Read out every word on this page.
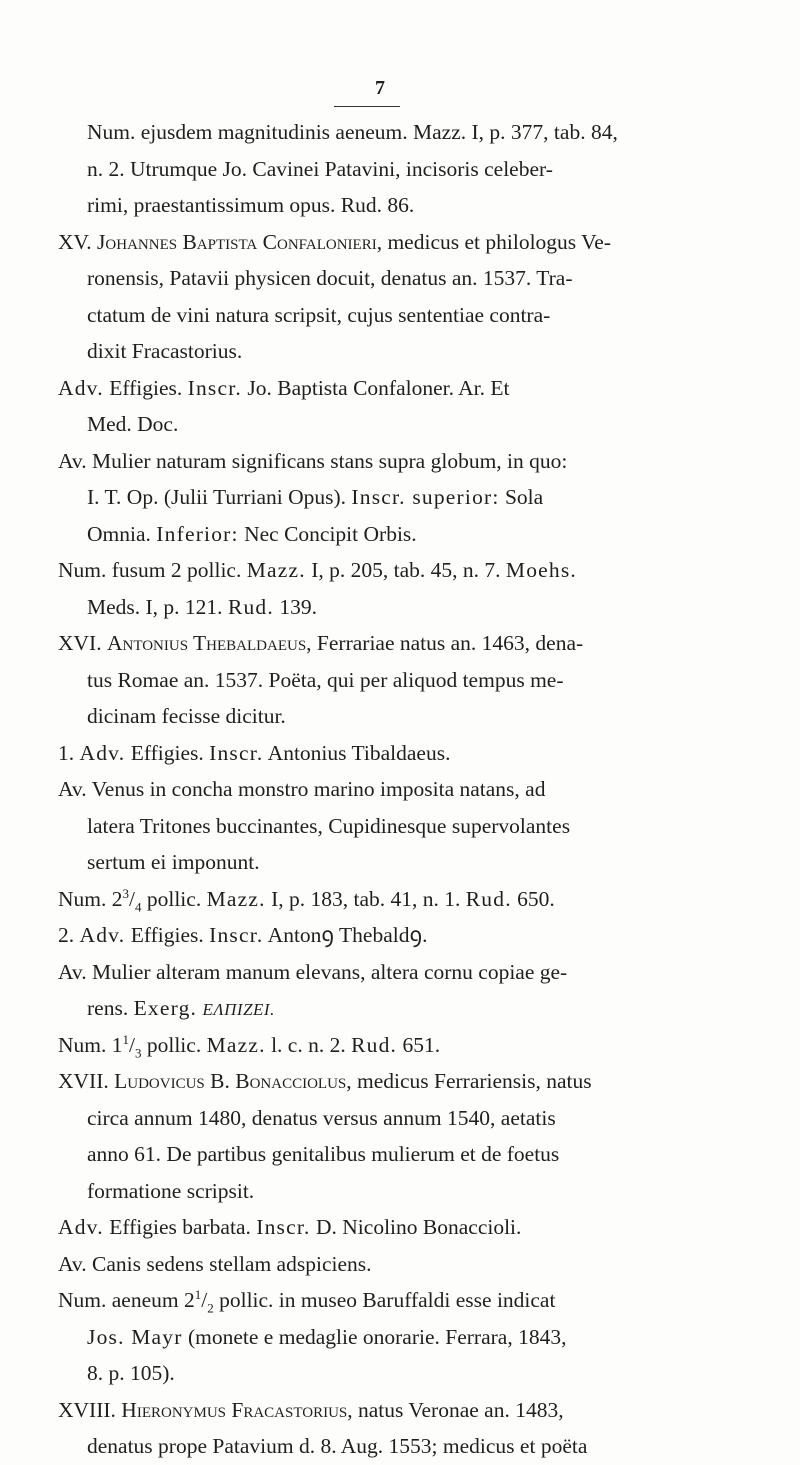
7
Num. ejusdem magnitudinis aeneum. Mazz. I, p. 377, tab. 84,
n. 2. Utrumque Jo. Cavinei Patavini, incisoris celeber-
rimi, praestantissimum opus. Rud. 86.
XV. Johannes Baptista Confalonieri, medicus et philologus Ve-
ronensis, Patavii physicen docuit, denatus an. 1537. Tra-
ctatum de vini natura scripsit, cujus sententiae contra-
dixit Fracastorius.
Adv. Effigies. Inscr. Jo. Baptista Confaloner. Ar. Et
Med. Doc.
Av. Mulier naturam significans stans supra globum, in quo:
I. T. Op. (Julii Turriani Opus). Inscr. superior: Sola
Omnia. Inferior: Nec Concipit Orbis.
Num. fusum 2 pollic. Mazz. I, p. 205, tab. 45, n. 7. Moehs.
Meds. I, p. 121. Rud. 139.
XVI. Antonius Thebaldaeus, Ferrariae natus an. 1463, dena-
tus Romae an. 1537. Poëta, qui per aliquod tempus me-
dicinam fecisse dicitur.
1. Adv. Effigies. Inscr. Antonius Tibaldaeus.
Av. Venus in concha monstro marino imposita natans, ad
latera Tritones buccinantes, Cupidinesque supervolantes
sertum ei imponunt.
Num. $2^3/_4$ pollic. Mazz. I, p. 183, tab. 41, n. 1. Rud. 650.
2. Adv. Effigies. Inscr. Antonꝯ Thebaldꝯ.
Av. Mulier alteram manum elevans, altera cornu copiae ge-
rens. Exerg. ΕΛΠΙΖΕΙ.
Num. $1^1/_3$ pollic. Mazz. l. c. n. 2. Rud. 651.
XVII. Ludovicus B. Bonacciolus, medicus Ferrariensis, natus
circa annum 1480, denatus versus annum 1540, aetatis
anno 61. De partibus genitalibus mulierum et de foetus
formatione scripsit.
Adv. Effigies barbata. Inscr. D. Nicolino Bonaccioli.
Av. Canis sedens stellam adspiciens.
Num. aeneum $2^1/_2$ pollic. in museo Baruffaldi esse indicat
Jos. Mayr (monete e medaglie onorarie. Ferrara, 1843,
8. p. 105).
XVIII. Hieronymus Fracastorius, natus Veronae an. 1483,
denatus prope Patavium d. 8. Aug. 1553; medicus et poëta
